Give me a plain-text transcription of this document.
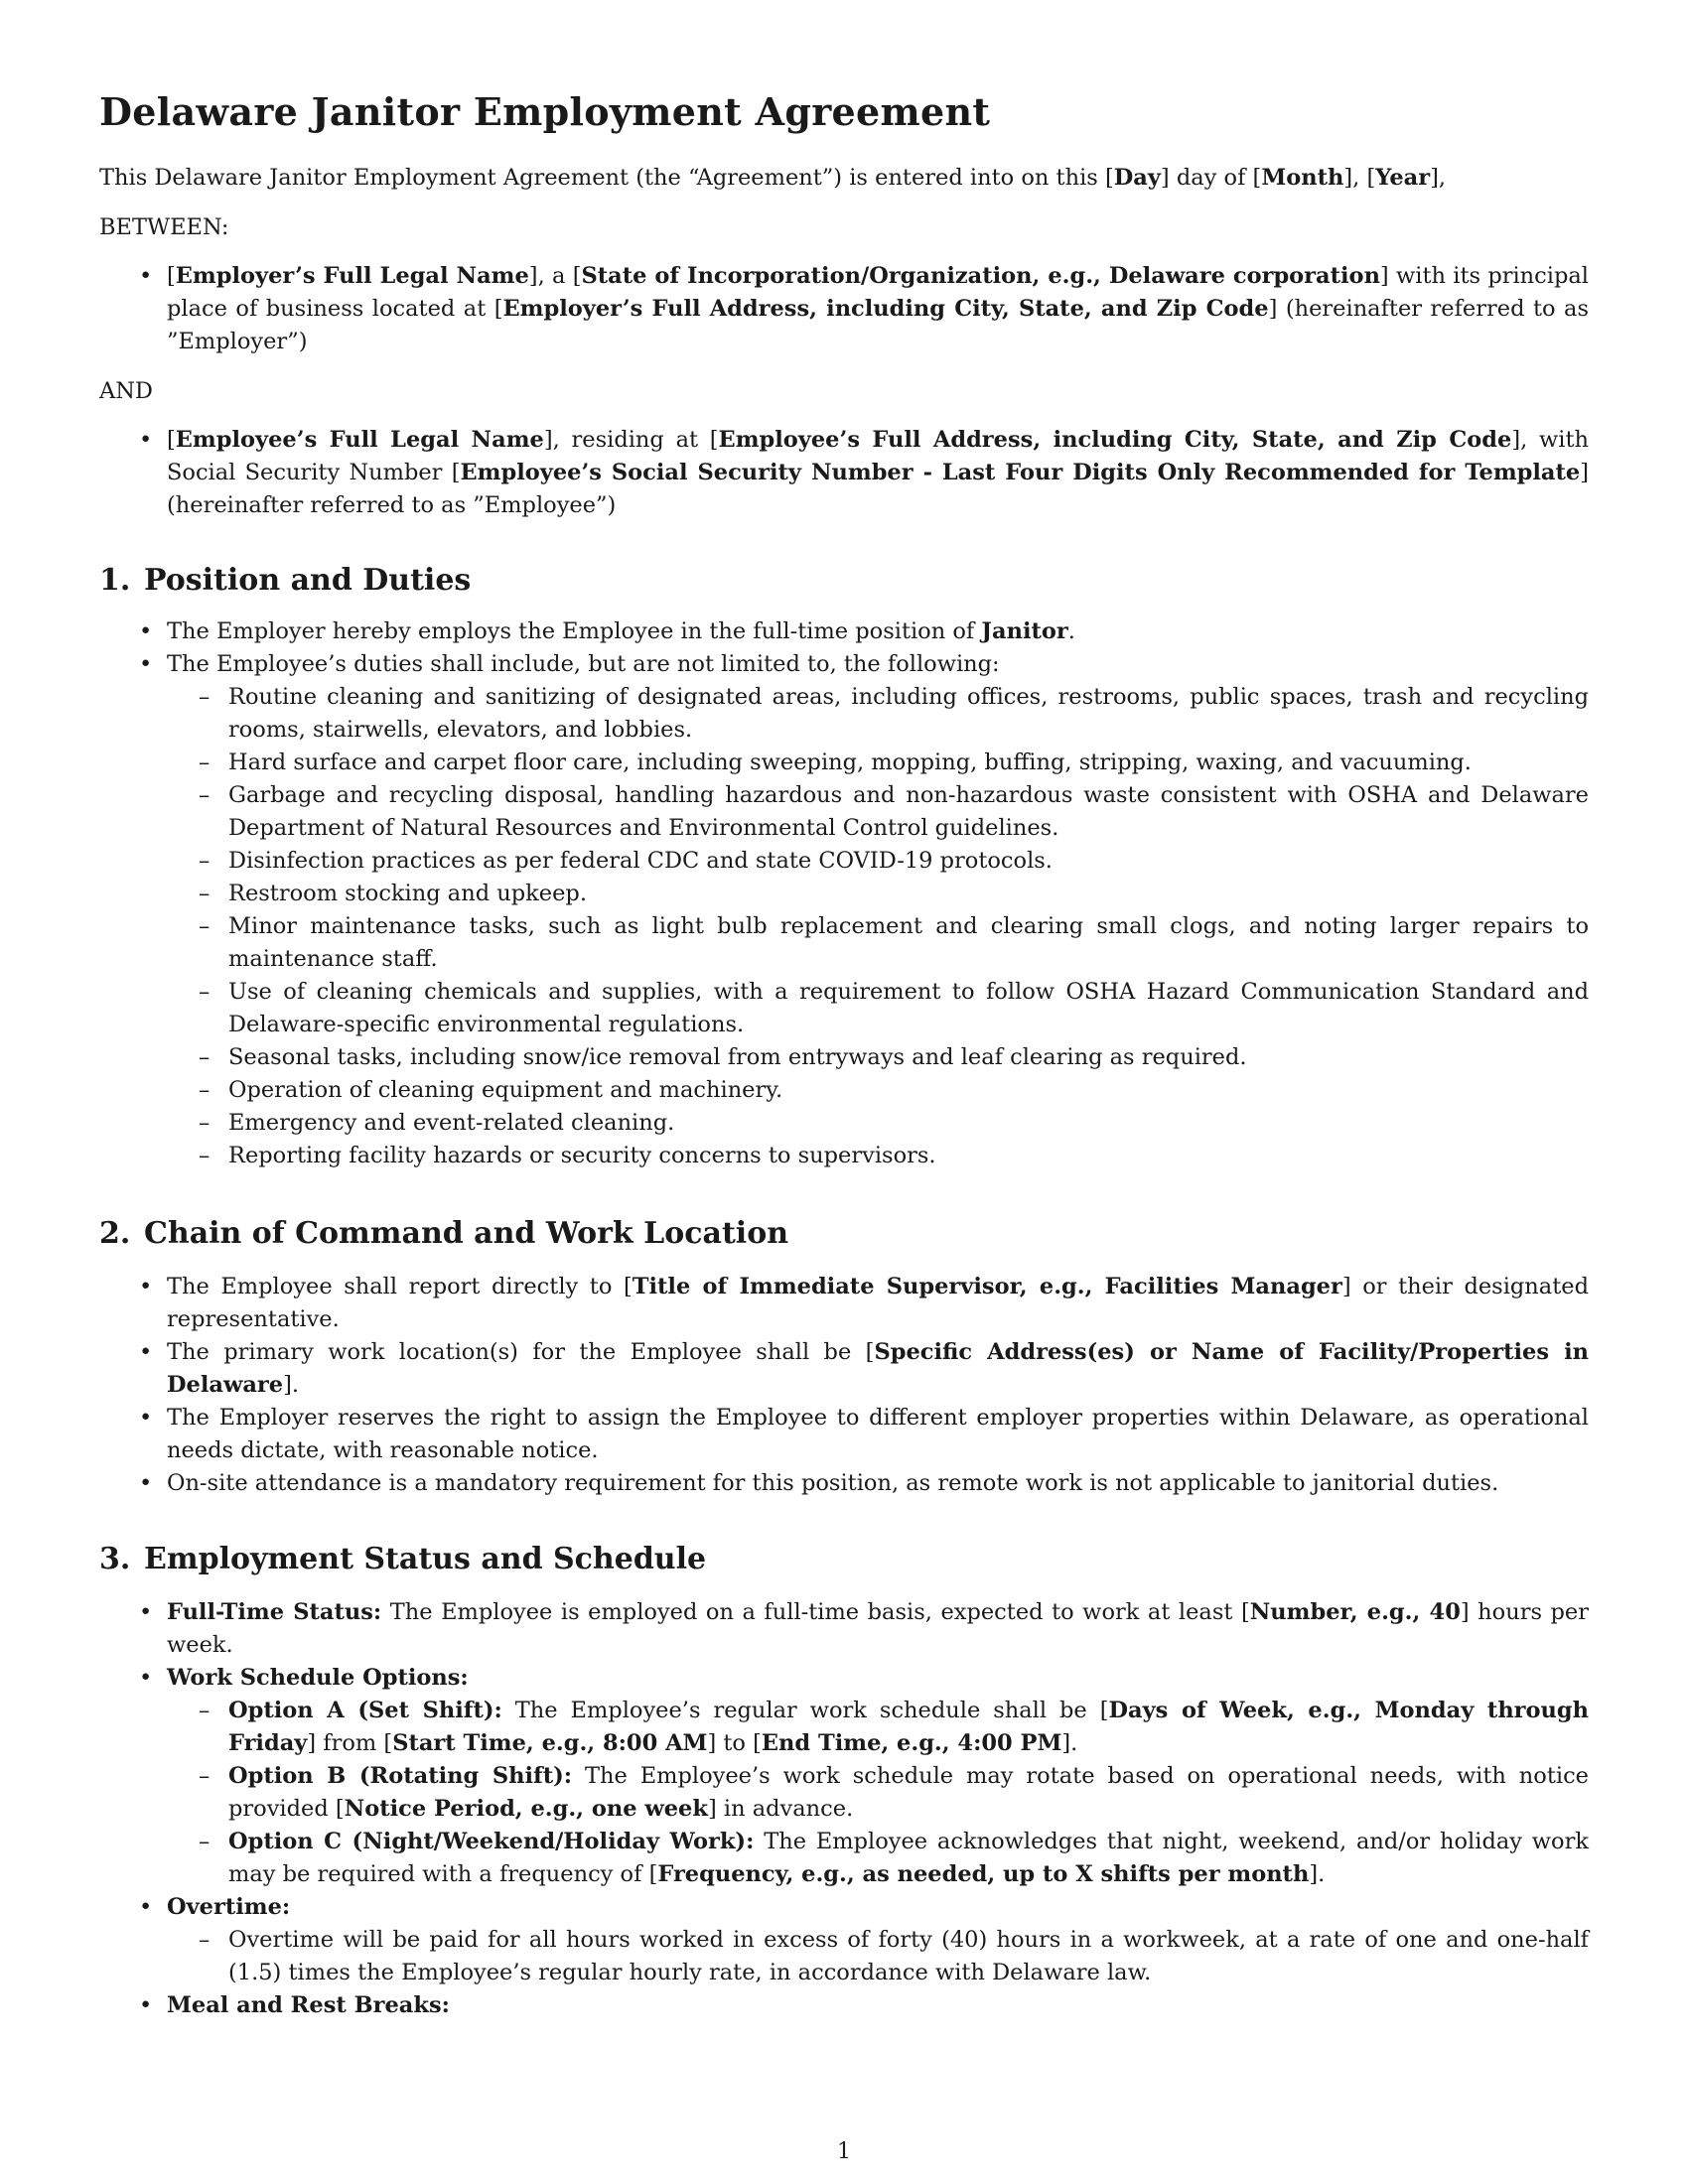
Delaware Janitor Employment Agreement

This Delaware Janitor Employment Agreement (the “Agreement”) is entered into on this [Day] day of [Month], [Year],

BETWEEN:

• [Employer’s Full Legal Name], a [State of Incorporation/Organization, e.g., Delaware corporation] with its principal place of business located at [Employer’s Full Address, including City, State, and Zip Code] (hereinafter referred to as ”Employer”)

AND

• [Employee’s Full Legal Name], residing at [Employee’s Full Address, including City, State, and Zip Code], with Social Security Number [Employee’s Social Security Number - Last Four Digits Only Recommended for Template] (hereinafter referred to as ”Employee”)
1. Position and Duties
• The Employer hereby employs the Employee in the full-time position of Janitor.
• The Employee’s duties shall include, but are not limited to, the following:
– Routine cleaning and sanitizing of designated areas, including offices, restrooms, public spaces, trash and recycling rooms, stairwells, elevators, and lobbies.
– Hard surface and carpet floor care, including sweeping, mopping, buffing, stripping, waxing, and vacuuming.
– Garbage and recycling disposal, handling hazardous and non-hazardous waste consistent with OSHA and Delaware Department of Natural Resources and Environmental Control guidelines.
– Disinfection practices as per federal CDC and state COVID-19 protocols.
– Restroom stocking and upkeep.
– Minor maintenance tasks, such as light bulb replacement and clearing small clogs, and noting larger repairs to maintenance staff.
– Use of cleaning chemicals and supplies, with a requirement to follow OSHA Hazard Communication Standard and Delaware-specific environmental regulations.
– Seasonal tasks, including snow/ice removal from entryways and leaf clearing as required.
– Operation of cleaning equipment and machinery.
– Emergency and event-related cleaning.
– Reporting facility hazards or security concerns to supervisors.
2. Chain of Command and Work Location
• The Employee shall report directly to [Title of Immediate Supervisor, e.g., Facilities Manager] or their designated representative.
• The primary work location(s) for the Employee shall be [Specific Address(es) or Name of Facility/Properties in Delaware].
• The Employer reserves the right to assign the Employee to different employer properties within Delaware, as operational needs dictate, with reasonable notice.
• On-site attendance is a mandatory requirement for this position, as remote work is not applicable to janitorial duties.
3. Employment Status and Schedule
• Full-Time Status: The Employee is employed on a full-time basis, expected to work at least [Number, e.g., 40] hours per week.
• Work Schedule Options:
– Option A (Set Shift): The Employee’s regular work schedule shall be [Days of Week, e.g., Monday through Friday] from [Start Time, e.g., 8:00 AM] to [End Time, e.g., 4:00 PM].
– Option B (Rotating Shift): The Employee’s work schedule may rotate based on operational needs, with notice provided [Notice Period, e.g., one week] in advance.
– Option C (Night/Weekend/Holiday Work): The Employee acknowledges that night, weekend, and/or holiday work may be required with a frequency of [Frequency, e.g., as needed, up to X shifts per month].
• Overtime:
– Overtime will be paid for all hours worked in excess of forty (40) hours in a workweek, at a rate of one and one-half (1.5) times the Employee’s regular hourly rate, in accordance with Delaware law.
• Meal and Rest Breaks:
1
